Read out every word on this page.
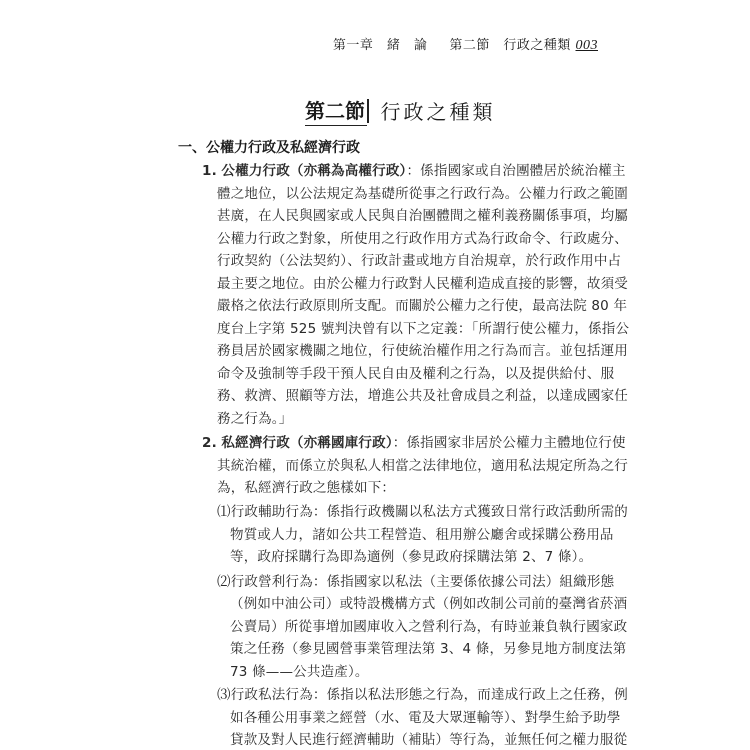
第一章　緒　論 第二節　行政之種類 003
第二節 行政之種類
一、公權力行政及私經濟行政
1. 公權力行政（亦稱為高權行政）：係指國家或自治團體居於統治權主
體之地位，以公法規定為基礎所從事之行政行為。公權力行政之範圍
甚廣，在人民與國家或人民與自治團體間之權利義務關係事項，均屬
公權力行政之對象，所使用之行政作用方式為行政命令、行政處分、
行政契約（公法契約）、行政計畫或地方自治規章，於行政作用中占
最主要之地位。由於公權力行政對人民權利造成直接的影響，故須受
嚴格之依法行政原則所支配。而關於公權力之行使，最高法院 80 年
度台上字第 525 號判決曾有以下之定義：「所謂行使公權力，係指公
務員居於國家機關之地位，行使統治權作用之行為而言。並包括運用
命令及強制等手段干預人民自由及權利之行為，以及提供給付、服
務、救濟、照顧等方法，增進公共及社會成員之利益，以達成國家任
務之行為。」
2. 私經濟行政（亦稱國庫行政）：係指國家非居於公權力主體地位行使
其統治權，而係立於與私人相當之法律地位，適用私法規定所為之行
為，私經濟行政之態樣如下：
⑴行政輔助行為：係指行政機關以私法方式獲致日常行政活動所需的
物質或人力，諸如公共工程營造、租用辦公廳舍或採購公務用品
等，政府採購行為即為適例（參見政府採購法第 2、7 條）。
⑵行政營利行為：係指國家以私法（主要係依據公司法）組織形態
（例如中油公司）或特設機構方式（例如改制公司前的臺灣省菸酒
公賣局）所從事增加國庫收入之營利行為，有時並兼負執行國家政
策之任務（參見國營事業管理法第 3、4 條，另參見地方制度法第
73 條——公共造產）。
⑶行政私法行為：係指以私法形態之行為，而達成行政上之任務，例
如各種公用事業之經營（水、電及大眾運輸等）、對學生給予助學
貸款及對人民進行經濟輔助（補貼）等行為，並無任何之權力服從
